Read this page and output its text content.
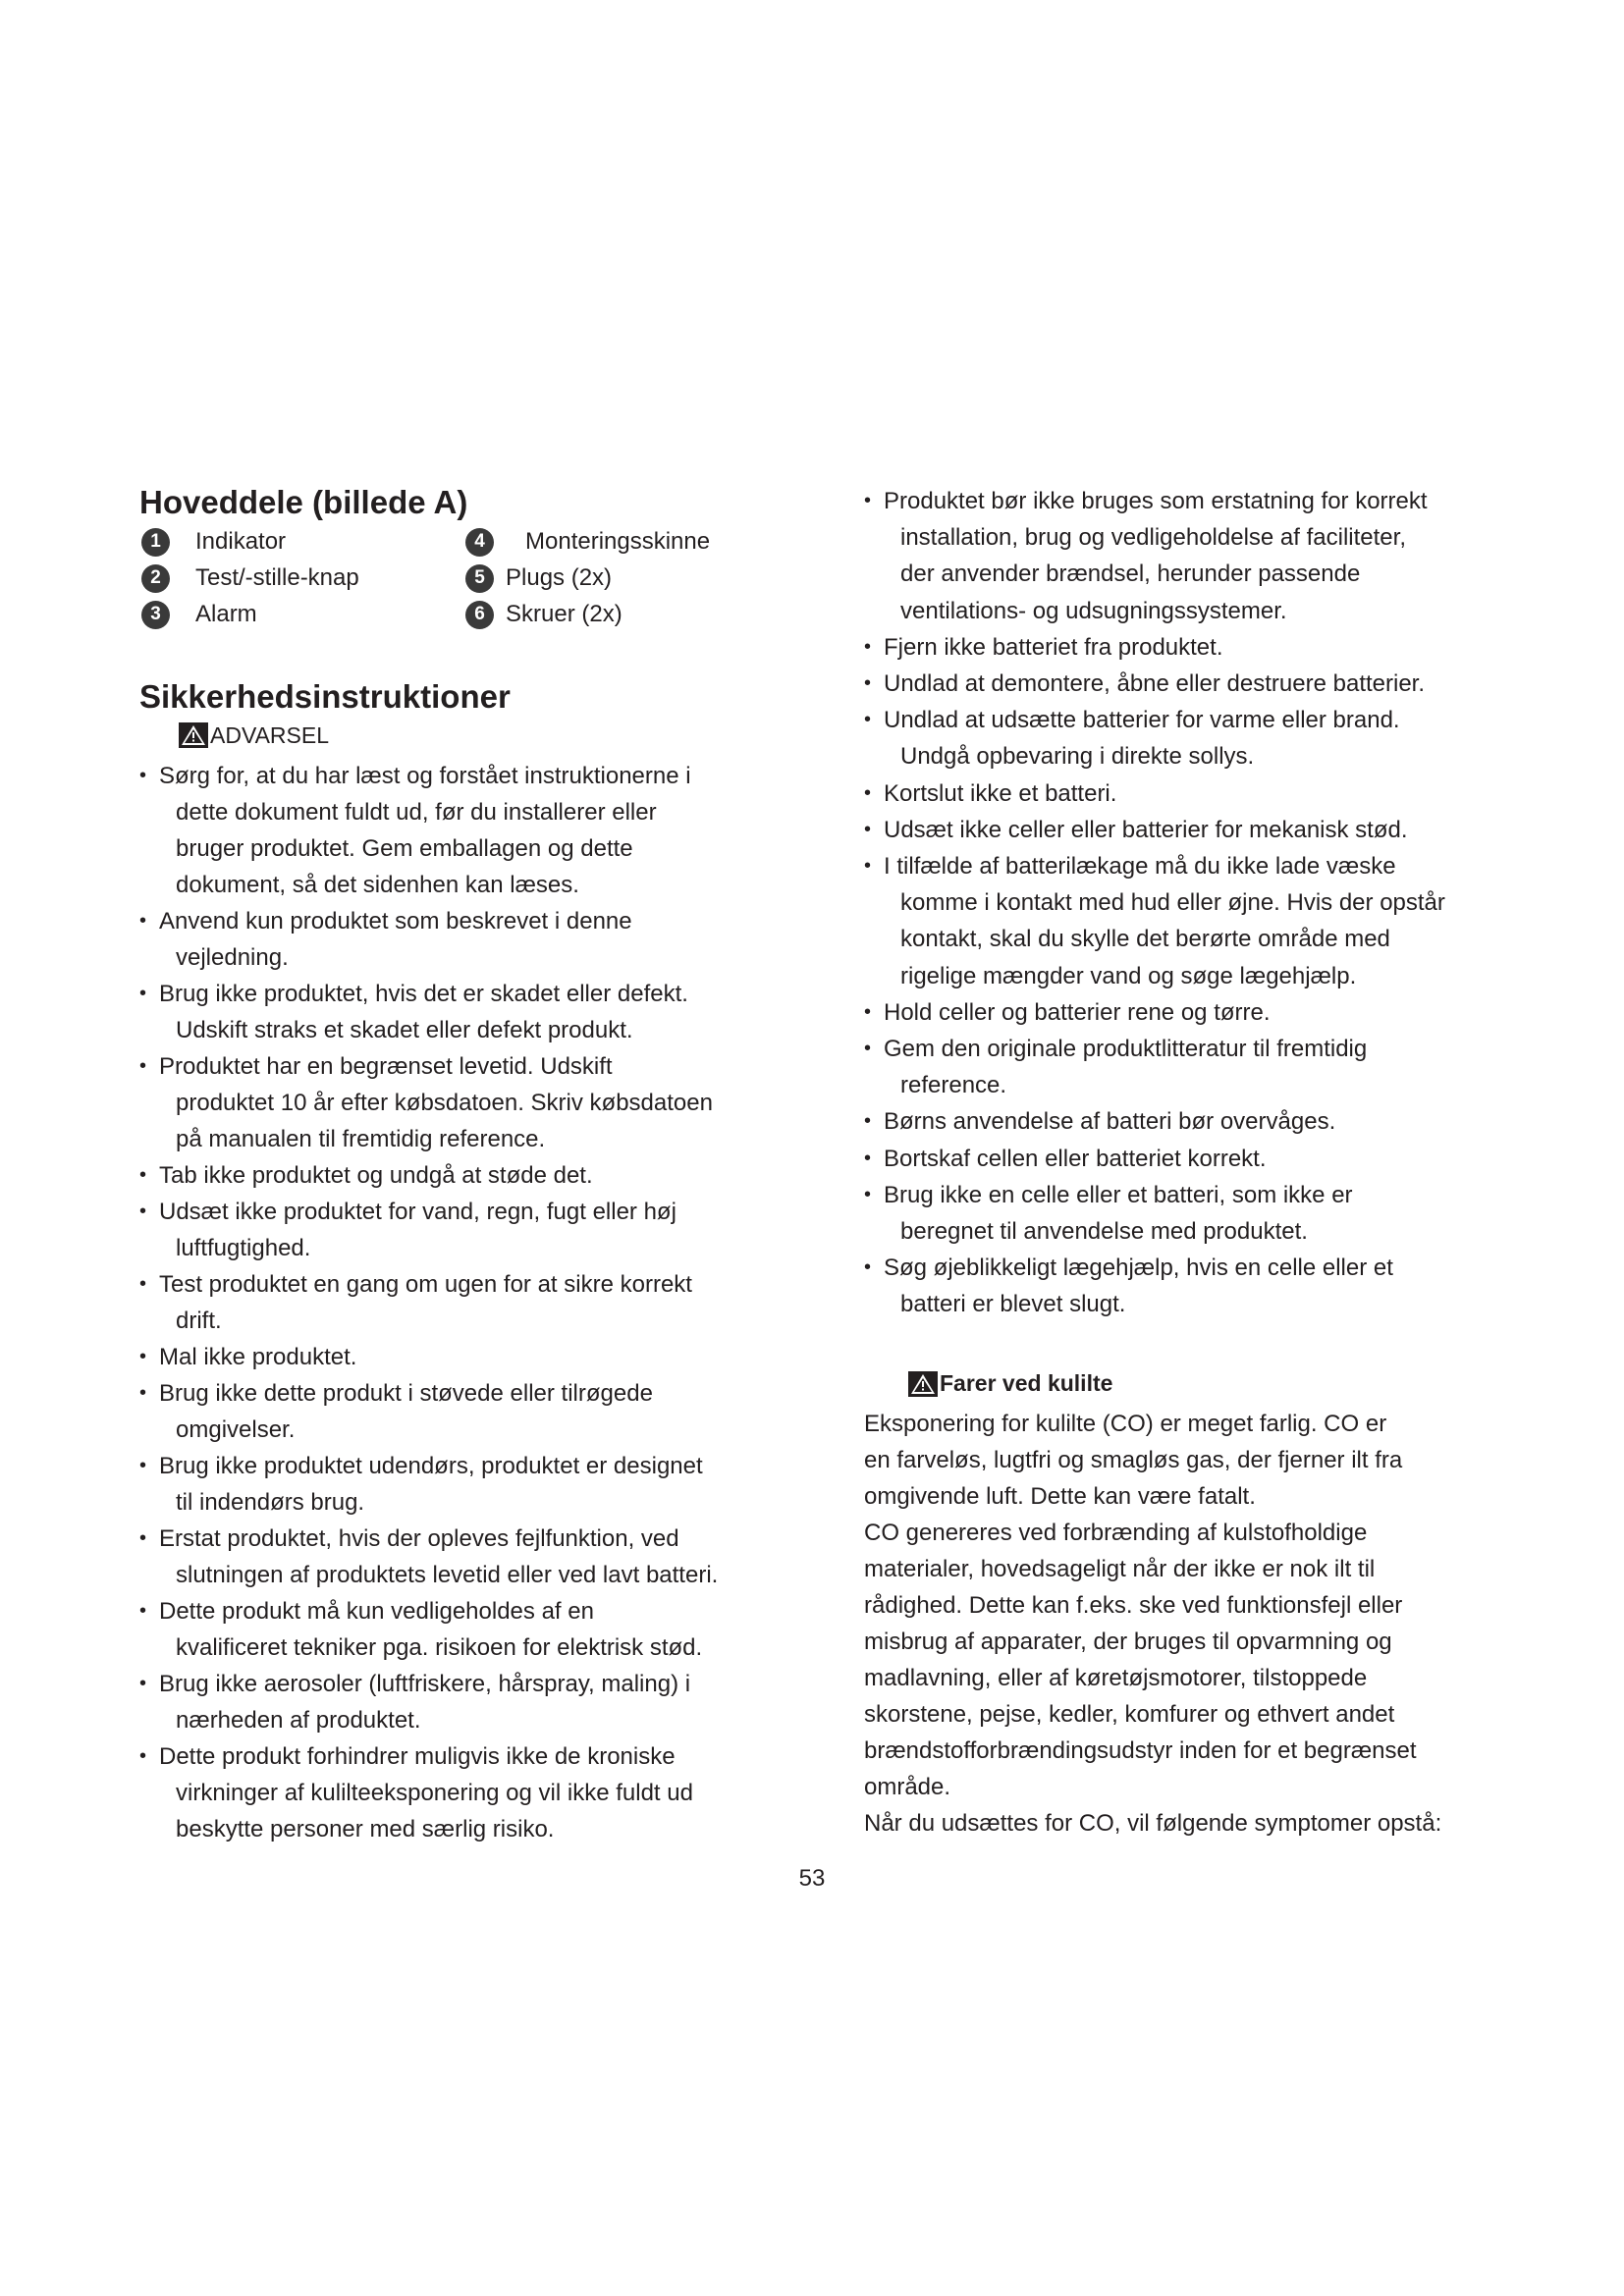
Hoveddele (billede A)
1	Indikator
2	Test/-stille-knap
3	Alarm
4	Monteringsskinne
5 Plugs (2x)
6 Skruer (2x)
Sikkerhedsinstruktioner
ADVARSEL
• Sørg for, at du har læst og forstået instruktionerne i
dette dokument fuldt ud, før du installerer eller
bruger produktet. Gem emballagen og dette
dokument, så det sidenhen kan læses.
• Anvend kun produktet som beskrevet i denne
vejledning.
• Brug ikke produktet, hvis det er skadet eller defekt.
Udskift straks et skadet eller defekt produkt.
• Produktet har en begrænset levetid. Udskift
produktet 10 år efter købsdatoen. Skriv købsdatoen
på manualen til fremtidig reference.
• Tab ikke produktet og undgå at støde det.
• Udsæt ikke produktet for vand, regn, fugt eller høj
luftfugtighed.
• Test produktet en gang om ugen for at sikre korrekt
drift.
• Mal ikke produktet.
• Brug ikke dette produkt i støvede eller tilrøgede
omgivelser.
• Brug ikke produktet udendørs, produktet er designet
til indendørs brug.
• Erstat produktet, hvis der opleves fejlfunktion, ved
slutningen af produktets levetid eller ved lavt batteri.
• Dette produkt må kun vedligeholdes af en
kvalificeret tekniker pga. risikoen for elektrisk stød.
• Brug ikke aerosoler (luftfriskere, hårspray, maling) i
nærheden af produktet.
• Dette produkt forhindrer muligvis ikke de kroniske
virkninger af kulilteeksponering og vil ikke fuldt ud
beskytte personer med særlig risiko.
• Produktet bør ikke bruges som erstatning for korrekt
installation, brug og vedligeholdelse af faciliteter,
der anvender brændsel, herunder passende
ventilations- og udsugningssystemer.
• Fjern ikke batteriet fra produktet.
• Undlad at demontere, åbne eller destruere batterier.
• Undlad at udsætte batterier for varme eller brand.
Undgå opbevaring i direkte sollys.
• Kortslut ikke et batteri.
• Udsæt ikke celler eller batterier for mekanisk stød.
• I tilfælde af batterilækage må du ikke lade væske
komme i kontakt med hud eller øjne. Hvis der opstår
kontakt, skal du skylle det berørte område med
rigelige mængder vand og søge lægehjælp.
• Hold celler og batterier rene og tørre.
• Gem den originale produktlitteratur til fremtidig
reference.
• Børns anvendelse af batteri bør overvåges.
• Bortskaf cellen eller batteriet korrekt.
• Brug ikke en celle eller et batteri, som ikke er
beregnet til anvendelse med produktet.
• Søg øjeblikkeligt lægehjælp, hvis en celle eller et
batteri er blevet slugt.
Farer ved kulilte

Eksponering for kulilte (CO) er meget farlig. CO er
en farveløs, lugtfri og smagløs gas, der fjerner ilt fra
omgivende luft. Dette kan være fatalt.

CO genereres ved forbrænding af kulstofholdige
materialer, hovedsageligt når der ikke er nok ilt til
rådighed. Dette kan f.eks. ske ved funktionsfejl eller
misbrug af apparater, der bruges til opvarmning og
madlavning, eller af køretøjsmotorer, tilstoppede
skorstene, pejse, kedler, komfurer og ethvert andet
brændstofforbrændingsudstyr inden for et begrænset
område.

Når du udsættes for CO, vil følgende symptomer opstå:

53
